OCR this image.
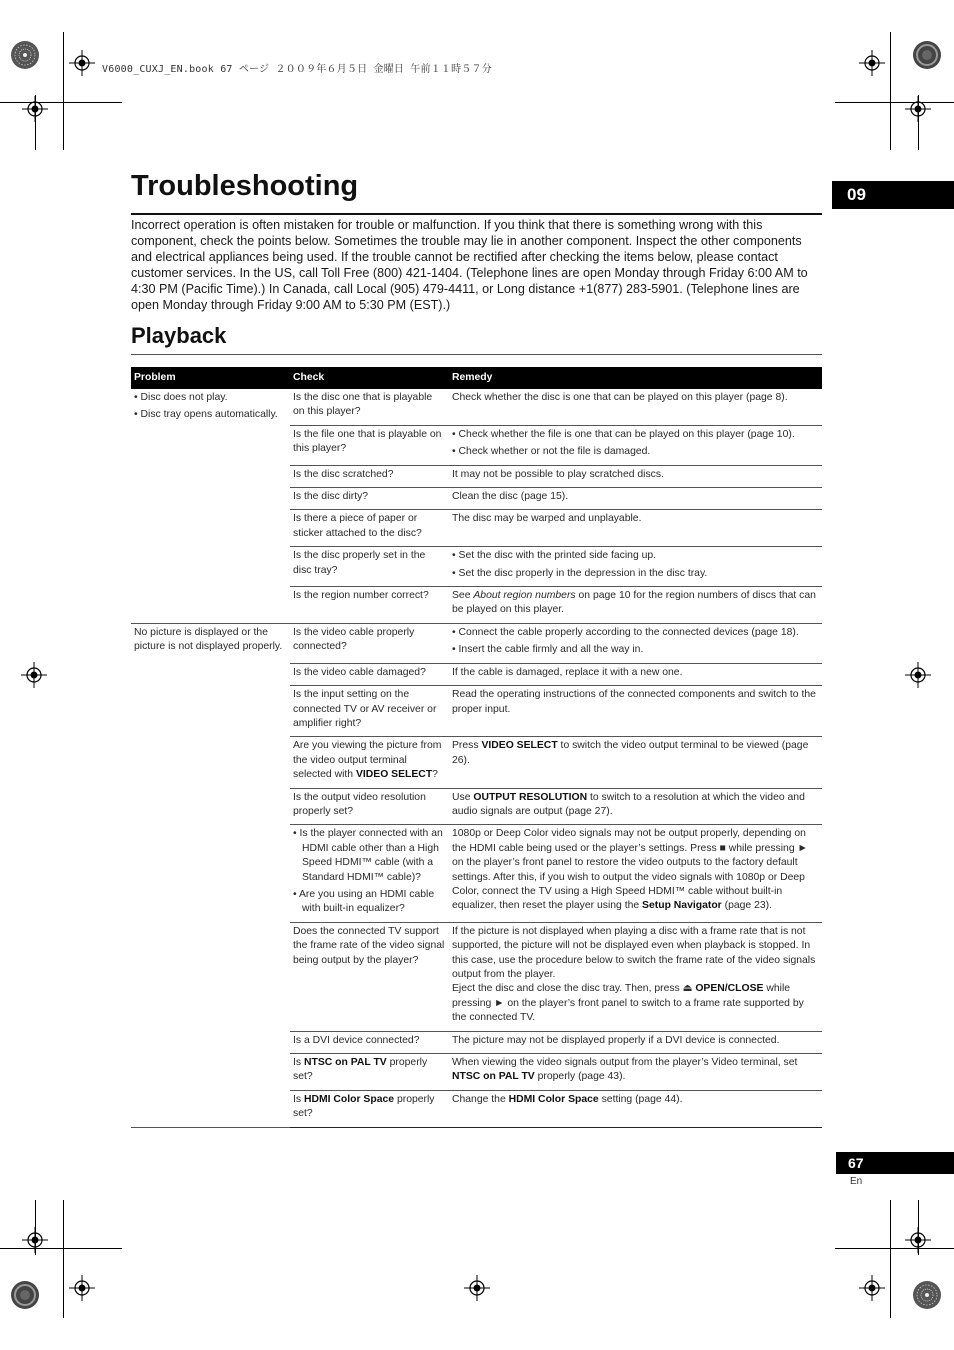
V6000_CUXJ_EN.book 67 ページ ２００９年６月５日 金曜日 午前１１時５７分
Troubleshooting	09

Incorrect operation is often mistaken for trouble or malfunction. If you think that there is something wrong with this component, check the points below. Sometimes the trouble may lie in another component. Inspect the other components and electrical appliances being used. If the trouble cannot be rectified after checking the items below, please contact customer services. In the US, call Toll Free (800) 421-1404. (Telephone lines are open Monday through Friday 6:00 AM to 4:30 PM (Pacific Time).) In Canada, call Local (905) 479-4411, or Long distance +1(877) 283-5901. (Telephone lines are open Monday through Friday 9:00 AM to 5:30 PM (EST).)

Playback
Problem	Check	Remedy

• Disc does not play.
• Disc tray opens automatically.	Is the disc one that is playable on this player?	Check whether the disc is one that can be played on this player (page 8).
	Is the file one that is playable on this player?	• Check whether the file is one that can be played on this player (page 10).
• Check whether or not the file is damaged.

	Is the disc scratched?	It may not be possible to play scratched discs.
	Is the disc dirty?	Clean the disc (page 15).
	Is there a piece of paper or sticker attached to the disc?	The disc may be warped and unplayable.
	Is the disc properly set in the disc tray?	• Set the disc with the printed side facing up.
• Set the disc properly in the depression in the disc tray.

	Is the region number correct?	See About region numbers on page 10 for the region numbers of discs that can be played on this player.
No picture is displayed or the picture is not displayed properly.	Is the video cable properly connected?	• Connect the cable properly according to the connected devices (page 18).
• Insert the cable firmly and all the way in.

	Is the video cable damaged?	If the cable is damaged, replace it with a new one.
	Is the input setting on the connected TV or AV receiver or amplifier right?	Read the operating instructions of the connected components and switch to the proper input.
	Are you viewing the picture from the video output terminal selected with VIDEO SELECT?	Press VIDEO SELECT to switch the video output terminal to be viewed (page 26).
	Is the output video resolution properly set?	Use OUTPUT RESOLUTION to switch to a resolution at which the video and audio signals are output (page 27).

	• Is the player connected with an HDMI cable other than a High Speed HDMI™ cable (with a Standard HDMI™ cable)?
• Are you using an HDMI cable with built-in equalizer?	1080p or Deep Color video signals may not be output properly, depending on the HDMI cable being used or the player’s settings. Press ■ while pressing ► on the player’s front panel to restore the video outputs to the factory default settings. After this, if you wish to output the video signals with 1080p or Deep Color, connect the TV using a High Speed HDMI™ cable without built-in equalizer, then reset the player using the Setup Navigator (page 23).
	Does the connected TV support the frame rate of the video signal being output by the player?	If the picture is not displayed when playing a disc with a frame rate that is not supported, the picture will not be displayed even when playback is stopped. In this case, use the procedure below to switch the frame rate of the video signals output from the player.
Eject the disc and close the disc tray. Then, press ⏏ OPEN/CLOSE while pressing ► on the player’s front panel to switch to a frame rate supported by the connected TV.

	Is a DVI device connected?	The picture may not be displayed properly if a DVI device is connected.
	Is NTSC on PAL TV properly set?	When viewing the video signals output from the player’s Video terminal, set NTSC on PAL TV properly (page 43).
	Is HDMI Color Space properly set?	Change the HDMI Color Space setting (page 44).
67
En
